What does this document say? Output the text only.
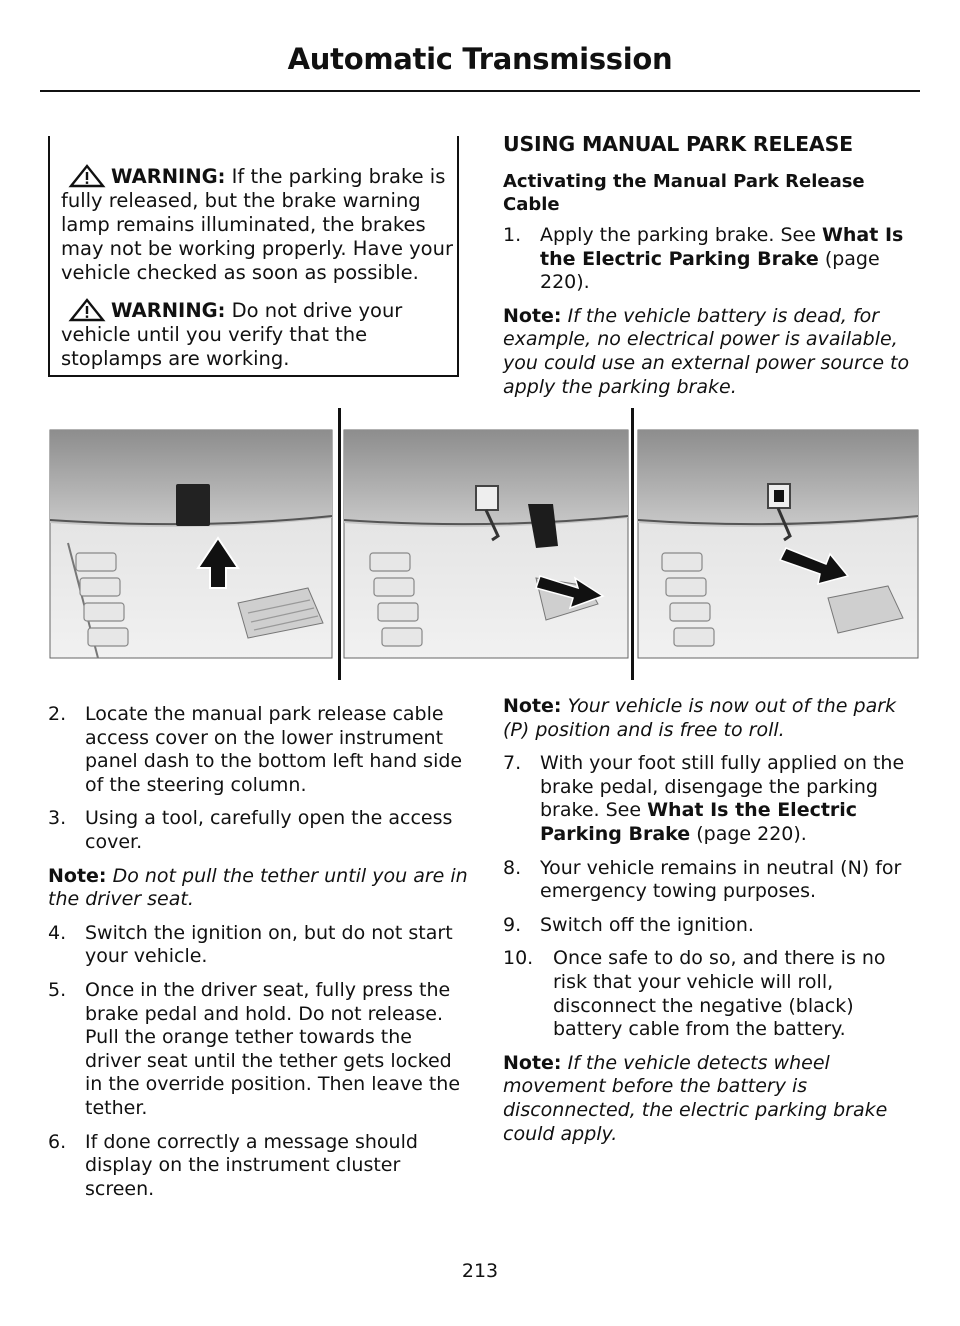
Automatic Transmission
WARNING: If the parking brake is fully released, but the brake warning lamp remains illuminated, the brakes may not be working properly. Have your vehicle checked as soon as possible.
WARNING: Do not drive your vehicle until you verify that the stoplamps are working.
USING MANUAL PARK RELEASE
Activating the Manual Park Release Cable
1. Apply the parking brake. See What Is the Electric Parking Brake (page 220).
Note: If the vehicle battery is dead, for example, no electrical power is available, you could use an external power source to apply the parking brake.
2. Locate the manual park release cable access cover on the lower instrument panel dash to the bottom left hand side of the steering column.
3. Using a tool, carefully open the access cover.
Note: Do not pull the tether until you are in the driver seat.
4. Switch the ignition on, but do not start your vehicle.
5. Once in the driver seat, fully press the brake pedal and hold. Do not release. Pull the orange tether towards the driver seat until the tether gets locked in the override position. Then leave the tether.
6. If done correctly a message should display on the instrument cluster screen.
Note: Your vehicle is now out of the park (P) position and is free to roll.
7. With your foot still fully applied on the brake pedal, disengage the parking brake. See What Is the Electric Parking Brake (page 220).
8. Your vehicle remains in neutral (N) for emergency towing purposes.
9. Switch off the ignition.
10. Once safe to do so, and there is no risk that your vehicle will roll, disconnect the negative (black) battery cable from the battery.
Note: If the vehicle detects wheel movement before the battery is disconnected, the electric parking brake could apply.
213
